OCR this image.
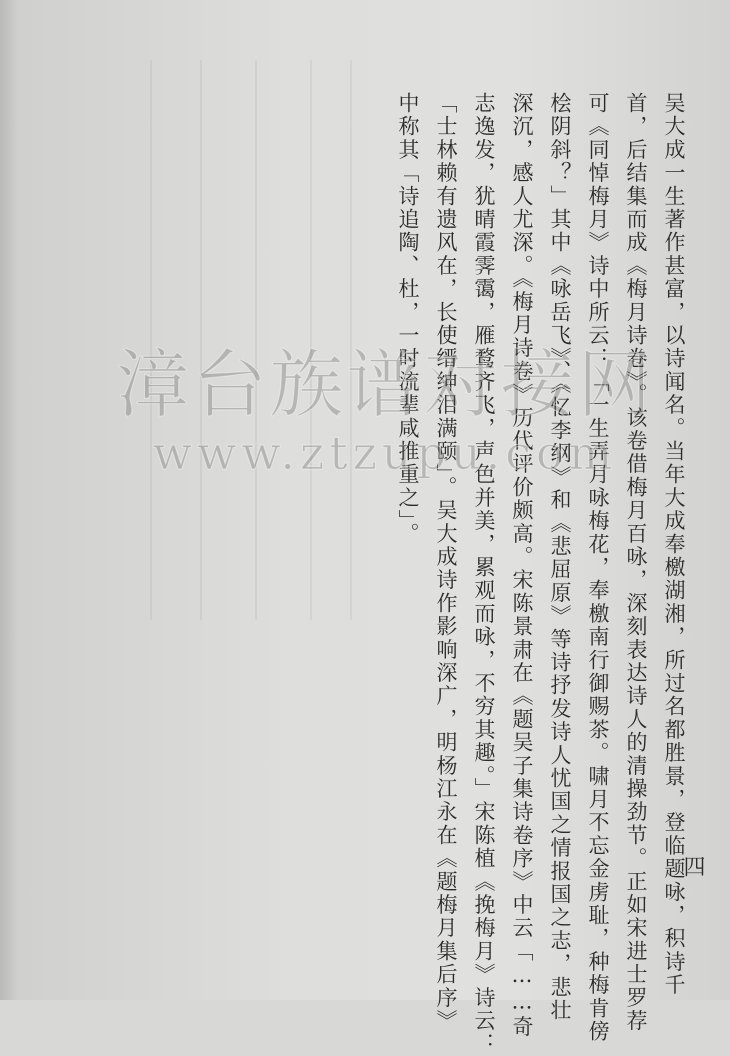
吴大成一生著作甚富，以诗闻名。当年大成奉檄湖湘，所过名都胜景，登临题咏，积诗千
首，后结集而成《梅月诗卷》。该卷借梅月百咏，深刻表达诗人的清操劲节。正如宋进士罗荐
可《同悼梅月》诗中所云：「一生弄月咏梅花，奉檄南行御赐茶。啸月不忘金虏耻，种梅肯傍
桧阴斜？」其中《咏岳飞》、《忆李纲》和《悲屈原》等诗抒发诗人忧国之情报国之志，悲壮
深沉，感人尤深。《梅月诗卷》历代评价颇高。宋陈景肃在《题吴子集诗卷序》中云「……奇
志逸发，犹晴霞霁霭，雁鹜齐飞，声色并美，累观而咏，不穷其趣。」宋陈植《挽梅月》诗云：
「士林赖有遗风在，长使缙绅泪满颐」。吴大成诗作影响深广，明杨江永在《题梅月集后序》
中称其「诗追陶、杜，一时流辈咸推重之」。
四
漳台族谱对接网
www.ztzupu.com
